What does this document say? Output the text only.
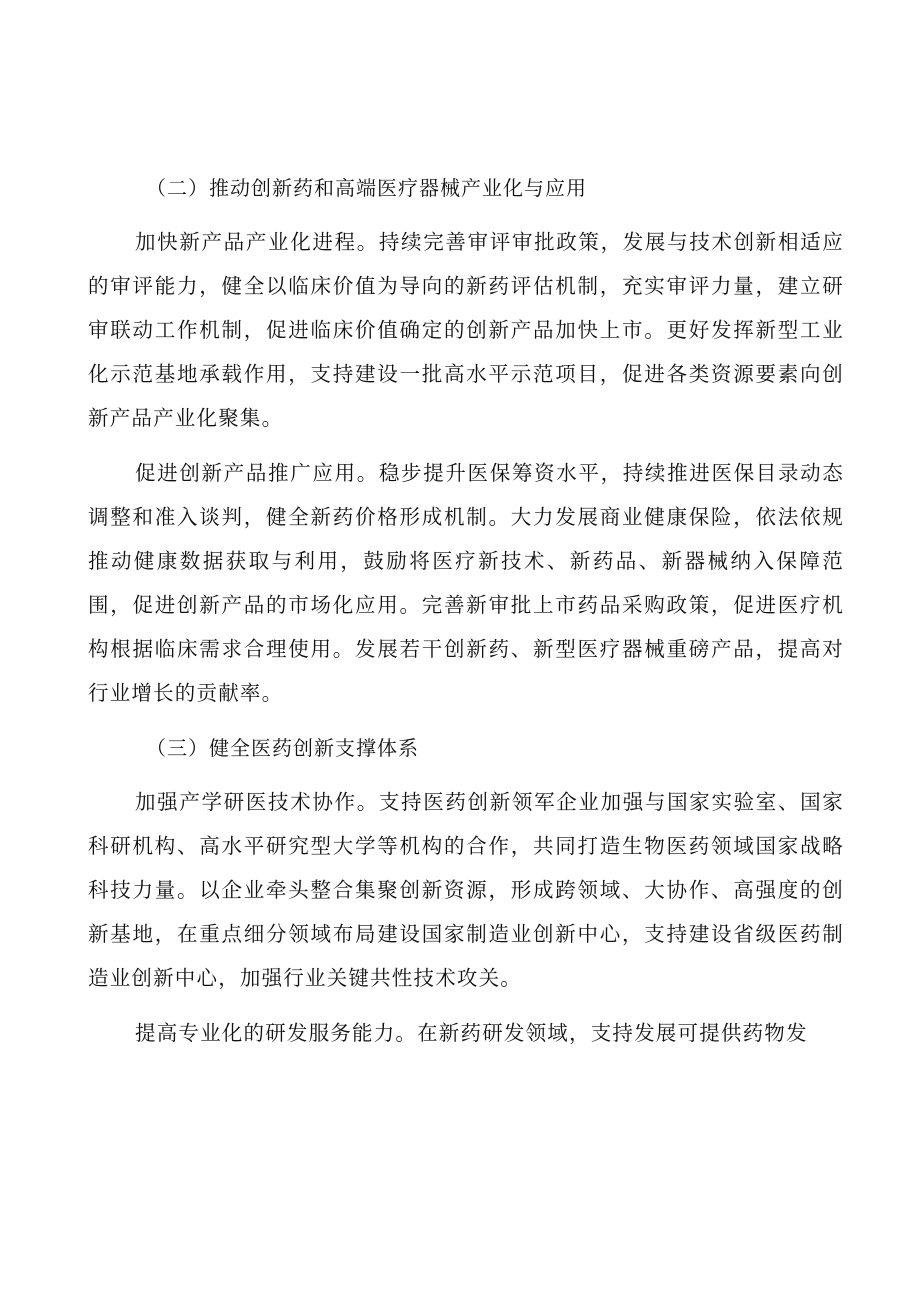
（二）推动创新药和高端医疗器械产业化与应用

加快新产品产业化进程。持续完善审评审批政策，发展与技术创新相适应的审评能力，健全以临床价值为导向的新药评估机制，充实审评力量，建立研审联动工作机制，促进临床价值确定的创新产品加快上市。更好发挥新型工业化示范基地承载作用，支持建设一批高水平示范项目，促进各类资源要素向创新产品产业化聚集。

促进创新产品推广应用。稳步提升医保筹资水平，持续推进医保目录动态调整和准入谈判，健全新药价格形成机制。大力发展商业健康保险，依法依规推动健康数据获取与利用，鼓励将医疗新技术、新药品、新器械纳入保障范围，促进创新产品的市场化应用。完善新审批上市药品采购政策，促进医疗机构根据临床需求合理使用。发展若干创新药、新型医疗器械重磅产品，提高对行业增长的贡献率。

（三）健全医药创新支撑体系

加强产学研医技术协作。支持医药创新领军企业加强与国家实验室、国家科研机构、高水平研究型大学等机构的合作，共同打造生物医药领域国家战略科技力量。以企业牵头整合集聚创新资源，形成跨领域、大协作、高强度的创新基地，在重点细分领域布局建设国家制造业创新中心，支持建设省级医药制造业创新中心，加强行业关键共性技术攻关。

提高专业化的研发服务能力。在新药研发领域，支持发展可提供药物发
